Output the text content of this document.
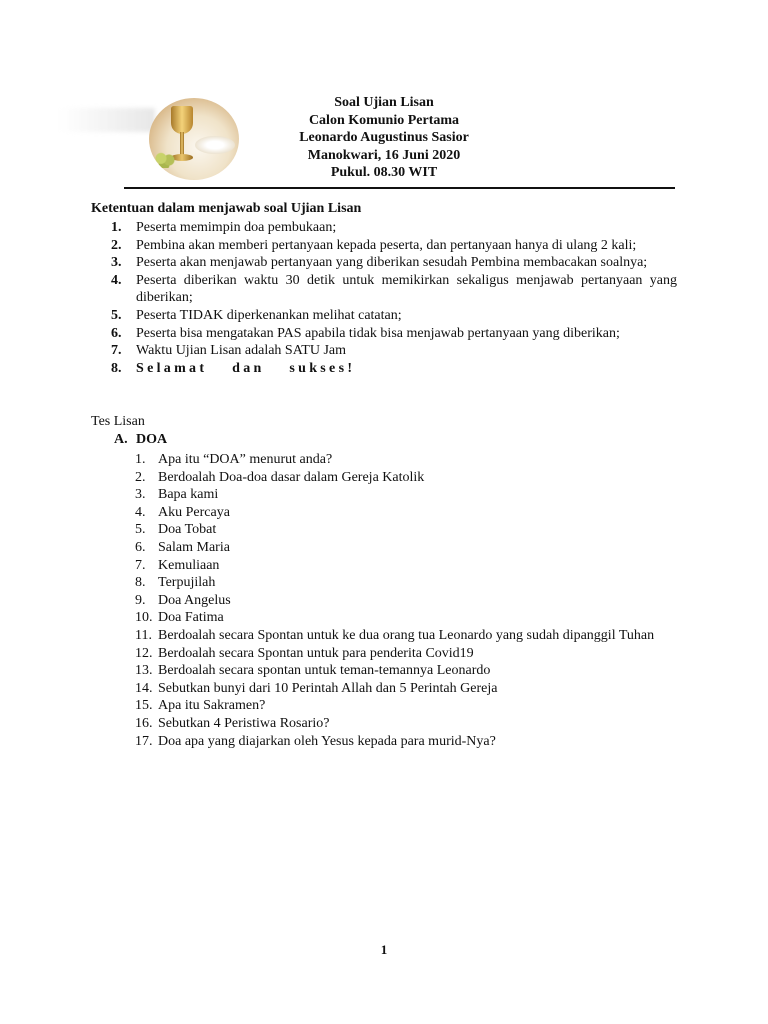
Soal Ujian Lisan
Calon Komunio Pertama
Leonardo Augustinus Sasior
Manokwari, 16 Juni 2020
Pukul. 08.30 WIT
Ketentuan dalam menjawab soal Ujian Lisan
1. Peserta memimpin doa pembukaan;
2. Pembina akan memberi pertanyaan kepada peserta, dan pertanyaan hanya di ulang 2 kali;
3. Peserta akan menjawab pertanyaan yang diberikan sesudah Pembina membacakan soalnya;
4. Peserta diberikan waktu 30 detik untuk memikirkan sekaligus menjawab pertanyaan yang diberikan;
5. Peserta TIDAK diperkenankan melihat catatan;
6. Peserta bisa mengatakan PAS apabila tidak bisa menjawab pertanyaan yang diberikan;
7. Waktu Ujian Lisan adalah SATU Jam
8. Selamat dan sukses!
Tes Lisan
A. DOA
1. Apa itu “DOA” menurut anda?
2. Berdoalah Doa-doa dasar dalam Gereja Katolik
3. Bapa kami
4. Aku Percaya
5. Doa Tobat
6. Salam Maria
7. Kemuliaan
8. Terpujilah
9. Doa Angelus
10. Doa Fatima
11. Berdoalah secara Spontan untuk ke dua orang tua Leonardo yang sudah dipanggil Tuhan
12. Berdoalah secara Spontan untuk para penderita Covid19
13. Berdoalah secara spontan untuk teman-temannya Leonardo
14. Sebutkan bunyi dari 10 Perintah Allah dan 5 Perintah Gereja
15. Apa itu Sakramen?
16. Sebutkan 4 Peristiwa Rosario?
17. Doa apa yang diajarkan oleh Yesus kepada para murid-Nya?
1
